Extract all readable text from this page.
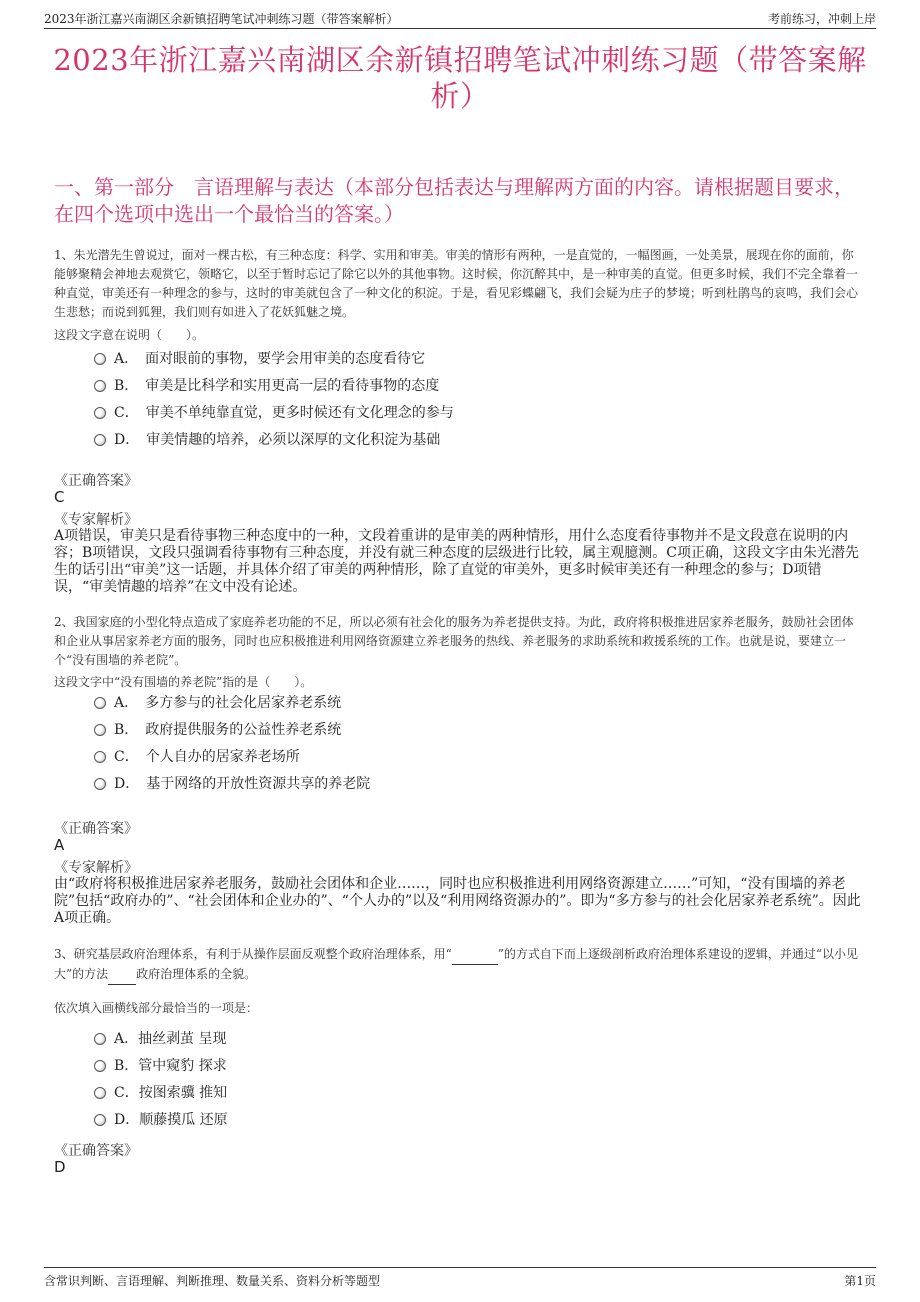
2023年浙江嘉兴南湖区余新镇招聘笔试冲刺练习题（带答案解析）	考前练习，冲刺上岸
2023年浙江嘉兴南湖区余新镇招聘笔试冲刺练习题（带答案解析）
一、第一部分　言语理解与表达（本部分包括表达与理解两方面的内容。请根据题目要求，在四个选项中选出一个最恰当的答案。）
1、朱光潜先生曾说过，面对一棵古松，有三种态度：科学、实用和审美。审美的情形有两种，一是直觉的，一幅图画，一处美景，展现在你的面前，你能够聚精会神地去观赏它，领略它，以至于暂时忘记了除它以外的其他事物。这时候，你沉醉其中，是一种审美的直觉。但更多时候，我们不完全靠着一种直觉，审美还有一种理念的参与，这时的审美就包含了一种文化的积淀。于是，看见彩蝶翩飞，我们会疑为庄子的梦境；听到杜鹃鸟的哀鸣，我们会心生悲愁；而说到狐狸，我们则有如进入了花妖狐魅之境。
这段文字意在说明（　　）。
A．　面对眼前的事物，要学会用审美的态度看待它
B．　审美是比科学和实用更高一层的看待事物的态度
C．　审美不单纯靠直觉，更多时候还有文化理念的参与
D．　审美情趣的培养，必须以深厚的文化积淀为基础
《正确答案》
C
《专家解析》
A项错误，审美只是看待事物三种态度中的一种，文段着重讲的是审美的两种情形，用什么态度看待事物并不是文段意在说明的内容；B项错误，文段只强调看待事物有三种态度，并没有就三种态度的层级进行比较，属主观臆测。C项正确，这段文字由朱光潜先生的话引出“审美”这一话题，并具体介绍了审美的两种情形，除了直觉的审美外，更多时候审美还有一种理念的参与；D项错误，“审美情趣的培养”在文中没有论述。
2、我国家庭的小型化特点造成了家庭养老功能的不足，所以必须有社会化的服务为养老提供支持。为此，政府将积极推进居家养老服务，鼓励社会团体和企业从事居家养老方面的服务，同时也应积极推进利用网络资源建立养老服务的热线、养老服务的求助系统和救援系统的工作。也就是说，要建立一个“没有围墙的养老院”。
这段文字中“没有围墙的养老院”指的是（　　）。
A．　多方参与的社会化居家养老系统
B．　政府提供服务的公益性养老系统
C．　个人自办的居家养老场所
D．　基于网络的开放性资源共享的养老院
《正确答案》
A
《专家解析》
由“政府将积极推进居家养老服务，鼓励社会团体和企业……，同时也应积极推进利用网络资源建立……”可知，“没有围墙的养老院”包括“政府办的”、“社会团体和企业办的”、“个人办的”以及“利用网络资源办的”。即为“多方参与的社会化居家养老系统”。因此A项正确。
3、研究基层政府治理体系，有利于从操作层面反观整个政府治理体系，用“	”的方式自下而上逐级剖析政府治理体系建设的逻辑，并通过“以小见大”的方法 政府治理体系的全貌。
依次填入画横线部分最恰当的一项是：
A．抽丝剥茧 呈现
B．管中窥豹 探求
C．按图索骥 推知
D．顺藤摸瓜 还原
《正确答案》
D
含常识判断、言语理解、判断推理、数量关系、资料分析等题型	第1页
